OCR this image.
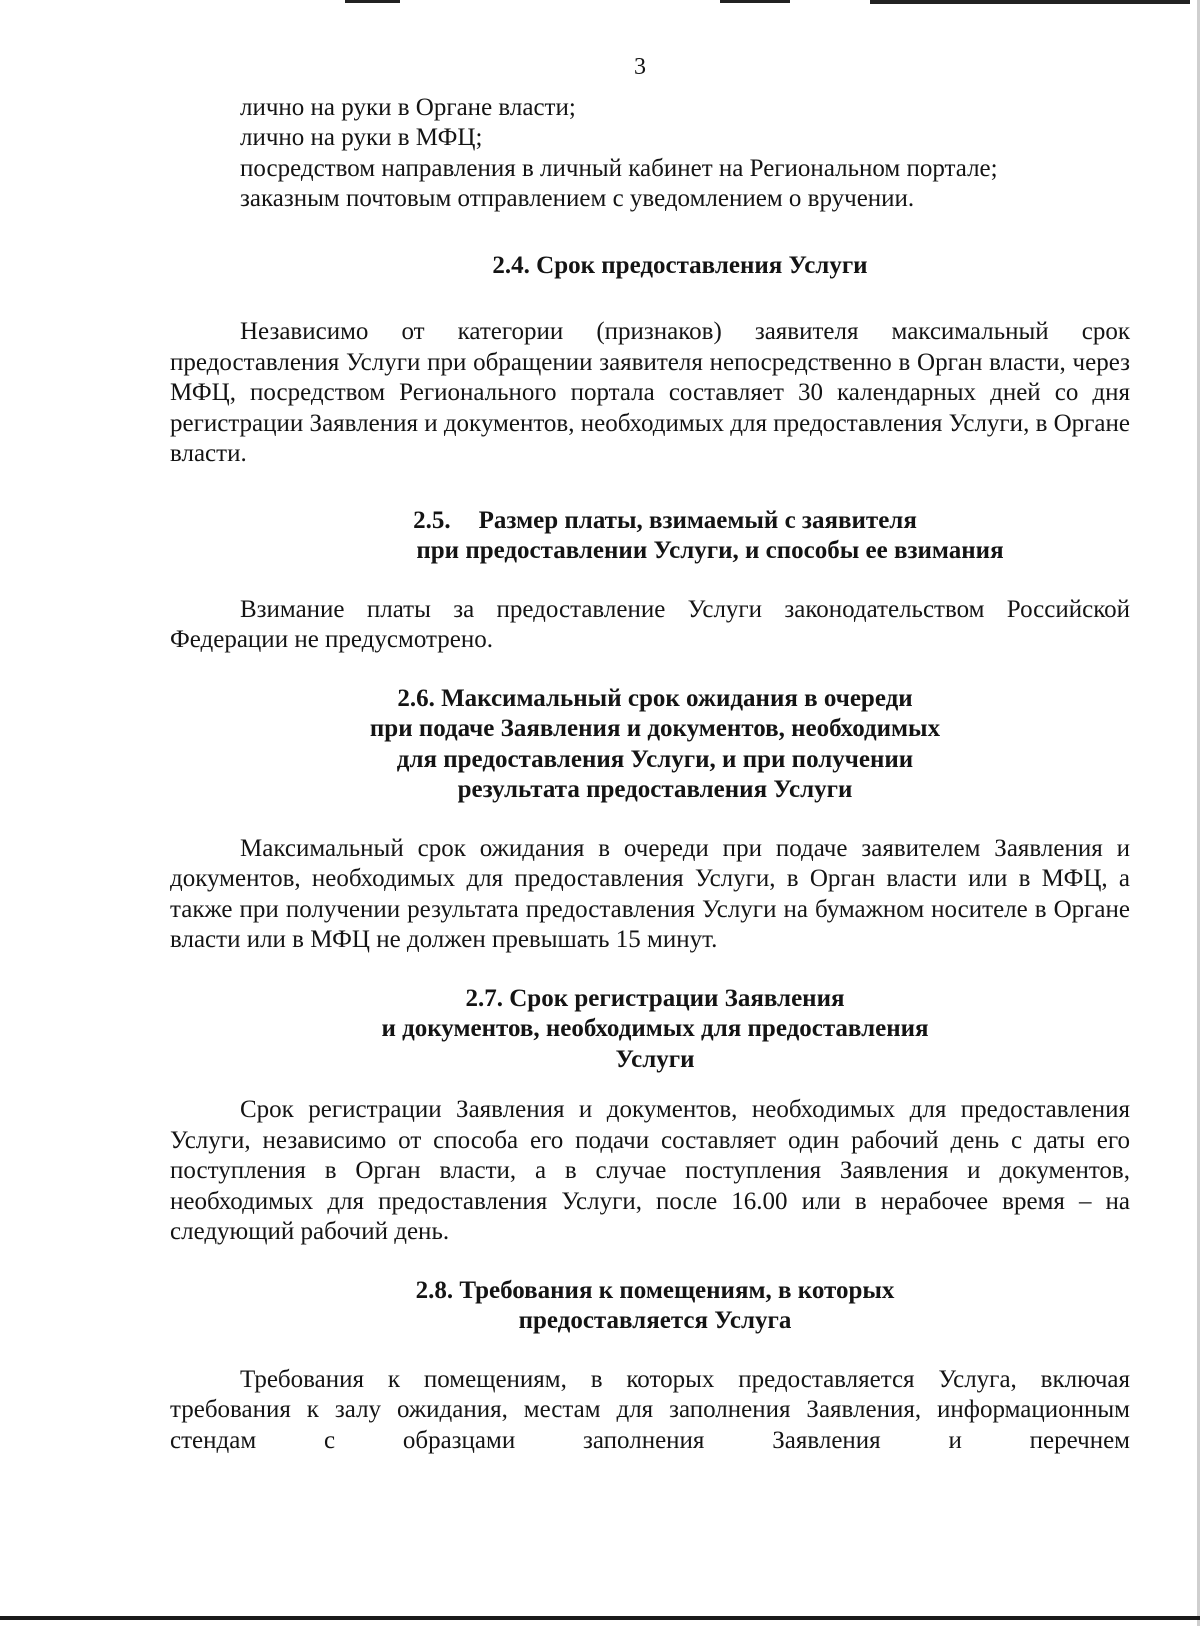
3

лично на руки в Органе власти;

лично на руки в МФЦ;

посредством направления в личный кабинет на Региональном портале;

заказным почтовым отправлением с уведомлением о вручении.

2.4. Срок предоставления Услуги

Независимо от категории (признаков) заявителя максимальный срок предоставления Услуги при обращении заявителя непосредственно в Орган власти, через МФЦ, посредством Регионального портала составляет 30 календарных дней со дня регистрации Заявления и документов, необходимых для предоставления Услуги, в Органе власти.

2.5. Размер платы, взимаемый с заявителя

при предоставлении Услуги, и способы ее взимания

Взимание платы за предоставление Услуги законодательством Российской Федерации не предусмотрено.

2.6. Максимальный срок ожидания в очереди

при подаче Заявления и документов, необходимых

для предоставления Услуги, и при получении

результата предоставления Услуги

Максимальный срок ожидания в очереди при подаче заявителем Заявления и документов, необходимых для предоставления Услуги, в Орган власти или в МФЦ, а также при получении результата предоставления Услуги на бумажном носителе в Органе власти или в МФЦ не должен превышать 15 минут.

2.7. Срок регистрации Заявления

и документов, необходимых для предоставления

Услуги

Срок регистрации Заявления и документов, необходимых для предоставления Услуги, независимо от способа его подачи составляет один рабочий день с даты его поступления в Орган власти, а в случае поступления Заявления и документов, необходимых для предоставления Услуги, после 16.00 или в нерабочее время – на следующий рабочий день.

2.8. Требования к помещениям, в которых

предоставляется Услуга

Требования к помещениям, в которых предоставляется Услуга, включая требования к залу ожидания, местам для заполнения Заявления, информационным стендам с образцами заполнения Заявления и перечнем
